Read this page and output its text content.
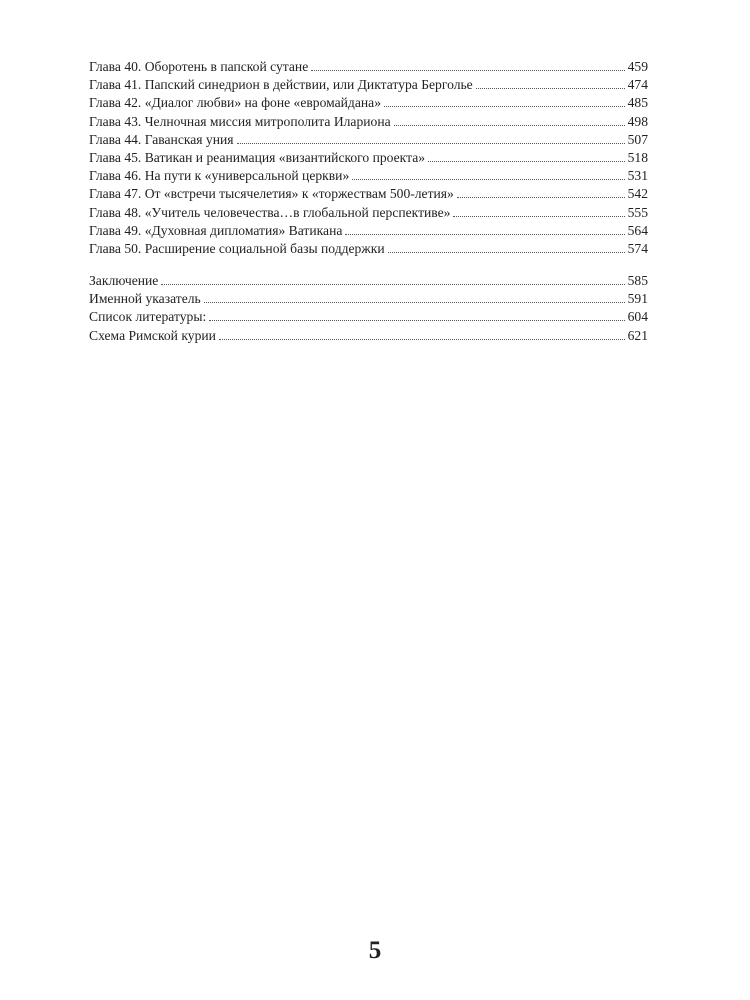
Глава 40. Оборотень в папской сутане	459
Глава 41. Папский синедрион в действии, или Диктатура Берголье	474
Глава 42. «Диалог любви» на фоне «евромайдана»	485
Глава 43. Челночная миссия митрополита Илариона	498
Глава 44. Гаванская уния	507
Глава 45. Ватикан и реанимация «византийского проекта»	518
Глава 46. На пути к «универсальной церкви»	531
Глава 47. От «встречи тысячелетия» к «торжествам 500-летия»	542
Глава 48. «Учитель человечества…в глобальной перспективе»	555
Глава 49. «Духовная дипломатия» Ватикана	564
Глава 50. Расширение социальной базы поддержки	574
Заключение	585
Именной указатель	591
Список литературы:	604
Схема Римской курии	621
5
